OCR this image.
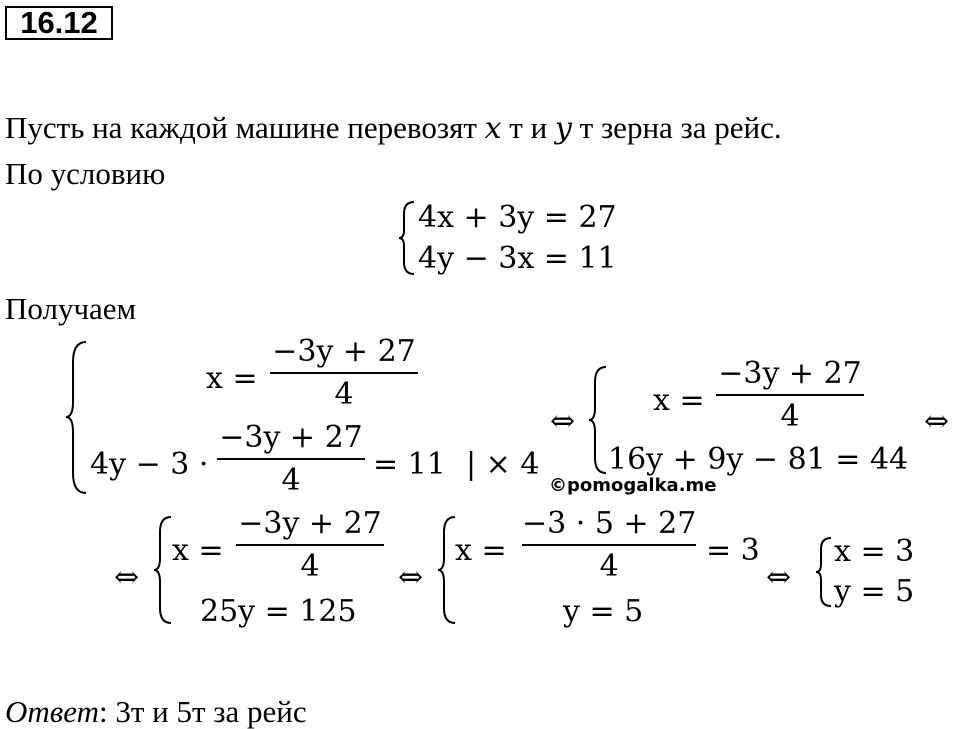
16.12
Пусть на каждой машине перевозят x т и y т зерна за рейс.
По условию
4x + 3y = 27
4y − 3x = 11
Получаем
x =
−3y + 27
4
4y − 3 ·
−3y + 27
4 = 11 | × 4
⇔
x =
−3y + 27
4
16y + 9y − 81 = 44
⇔
©pomogalka.me
⇔
x =
−3y + 27
4
25y = 125
⇔
x =
−3 · 5 + 27
4	= 3
y = 5
⇔
x = 3
y = 5
Ответ: 3т и 5т за рейс
